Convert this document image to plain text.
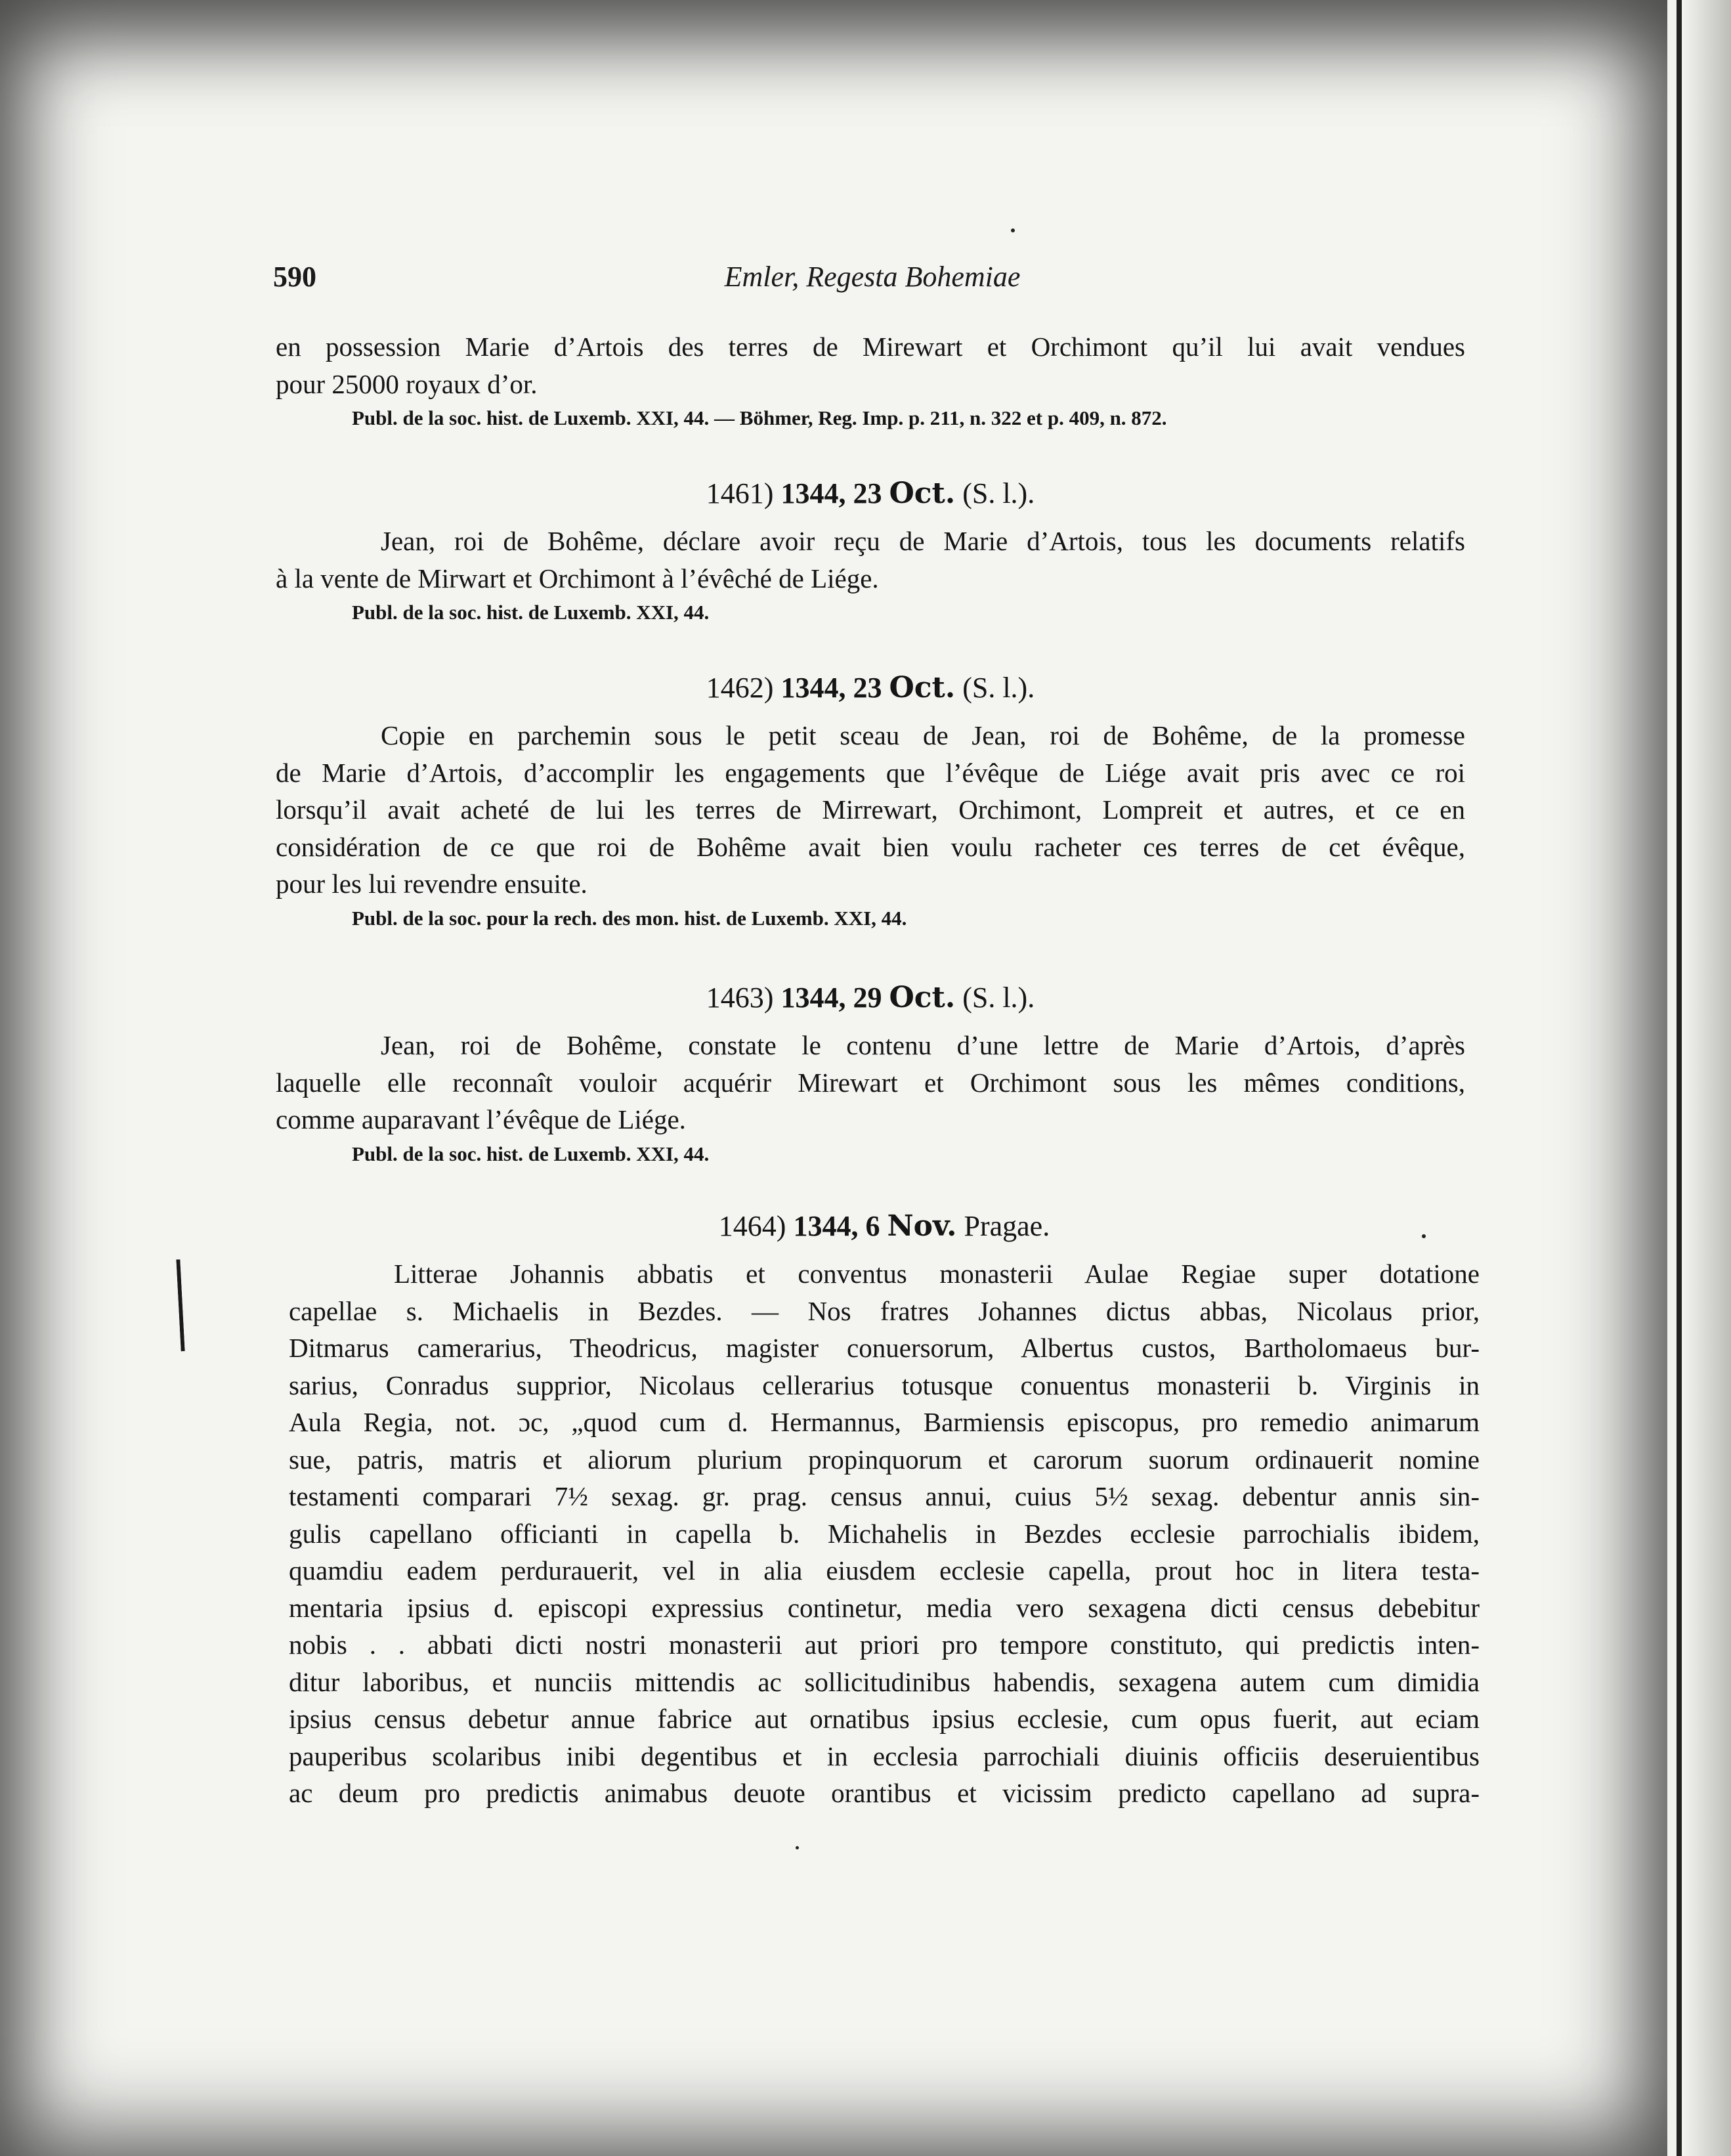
590	Emler, Regesta Bohemiae

en possession Marie d’Artois des terres de Mirewart et Orchimont qu’il lui avait vendues
pour 25000 royaux d’or.

Publ. de la soc. hist. de Luxemb. XXI, 44. — Böhmer, Reg. Imp. p. 211, n. 322 et p. 409, n. 872.

1461) 1344, 23 Oct. (S. l.).

Jean, roi de Bohême, déclare avoir reçu de Marie d’Artois, tous les documents relatifs
à la vente de Mirwart et Orchimont à l’évêché de Liége.

Publ. de la soc. hist. de Luxemb. XXI, 44.

1462) 1344, 23 Oct. (S. l.).

Copie en parchemin sous le petit sceau de Jean, roi de Bohême, de la promesse
de Marie d’Artois, d’accomplir les engagements que l’évêque de Liége avait pris avec ce roi
lorsqu’il avait acheté de lui les terres de Mirrewart, Orchimont, Lompreit et autres, et ce en
considération de ce que roi de Bohême avait bien voulu racheter ces terres de cet évêque,
pour les lui revendre ensuite.

Publ. de la soc. pour la rech. des mon. hist. de Luxemb. XXI, 44.

1463) 1344, 29 Oct. (S. l.).

Jean, roi de Bohême, constate le contenu d’une lettre de Marie d’Artois, d’après
laquelle elle reconnaît vouloir acquérir Mirewart et Orchimont sous les mêmes conditions,
comme auparavant l’évêque de Liége.

Publ. de la soc. hist. de Luxemb. XXI, 44.

1464) 1344, 6 Nov. Pragae.

Litterae Johannis abbatis et conventus monasterii Aulae Regiae super dotatione
capellae s. Michaelis in Bezdes. — Nos fratres Johannes dictus abbas, Nicolaus prior,
Ditmarus camerarius, Theodricus, magister conuersorum, Albertus custos, Bartholomaeus bur-
sarius, Conradus supprior, Nicolaus cellerarius totusque conuentus monasterii b. Virginis in
Aula Regia, not. ɔc, „quod cum d. Hermannus, Barmiensis episcopus, pro remedio animarum
sue, patris, matris et aliorum plurium propinquorum et carorum suorum ordinauerit nomine
testamenti comparari 7½ sexag. gr. prag. census annui, cuius 5½ sexag. debentur annis sin-
gulis capellano officianti in capella b. Michahelis in Bezdes ecclesie parrochialis ibidem,
quamdiu eadem perdurauerit, vel in alia eiusdem ecclesie capella, prout hoc in litera testa-
mentaria ipsius d. episcopi expressius continetur, media vero sexagena dicti census debebitur
nobis . . abbati dicti nostri monasterii aut priori pro tempore constituto, qui predictis inten-
ditur laboribus, et nunciis mittendis ac sollicitudinibus habendis, sexagena autem cum dimidia
ipsius census debetur annue fabrice aut ornatibus ipsius ecclesie, cum opus fuerit, aut eciam
pauperibus scolaribus inibi degentibus et in ecclesia parrochiali diuinis officiis deseruientibus
ac deum pro predictis animabus deuote orantibus et vicissim predicto capellano ad supra-
